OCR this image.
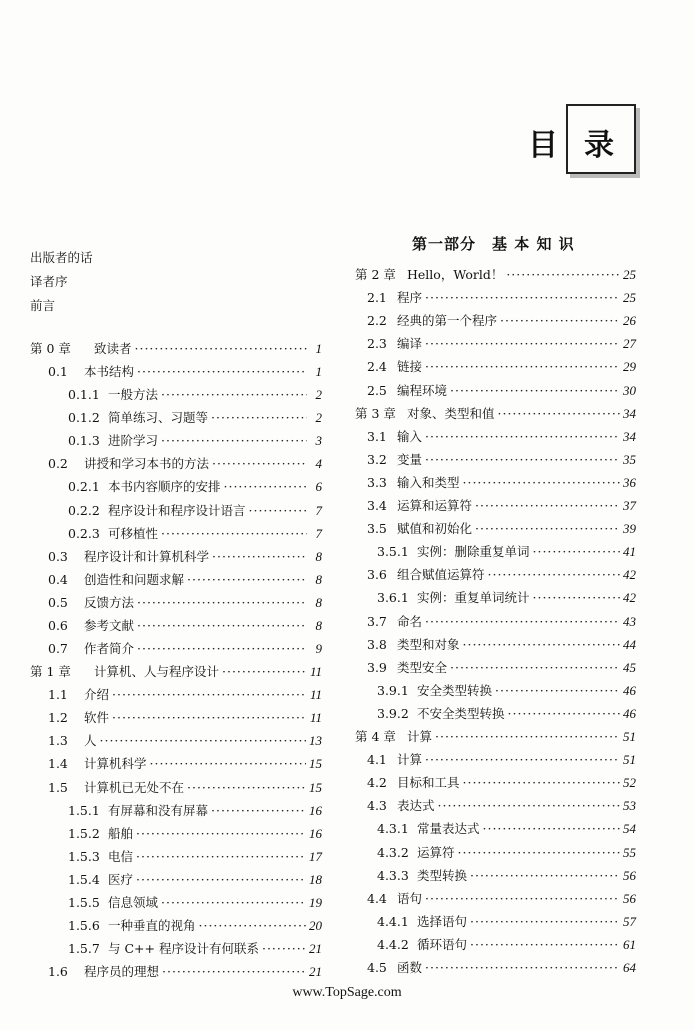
目 录
出版者的话
译者序
前言
第一部分　基 本 知 识
第 0 章 致读者 ·····	1
0.1 本书结构 ·····	1
0.1.1 一般方法 ·····	2
0.1.2 简单练习、习题等 ·····	2
0.1.3 进阶学习 ·····	3
0.2 讲授和学习本书的方法 ·····	4
0.2.1 本书内容顺序的安排 ·····	6
0.2.2 程序设计和程序设计语言 ·····	7
0.2.3 可移植性 ·····	7
0.3 程序设计和计算机科学 ·····	8
0.4 创造性和问题求解 ·····	8
0.5 反馈方法 ·····	8
0.6 参考文献 ·····	8
0.7 作者简介 ·····	9
第 1 章 计算机、人与程序设计 ·····	11
1.1 介绍 ·····	11
1.2 软件 ·····	11
1.3 人 ·····	13
1.4 计算机科学 ·····	15
1.5 计算机已无处不在 ·····	15
1.5.1 有屏幕和没有屏幕 ·····	16
1.5.2 船舶 ·····	16
1.5.3 电信 ·····	17
1.5.4 医疗 ·····	18
1.5.5 信息领域 ·····	19
1.5.6 一种垂直的视角 ·····	20
1.5.7 与 C++ 程序设计有何联系 ·····	21
1.6 程序员的理想 ·····	21
第 2 章 Hello，World！ ·····	25
2.1 程序 ·····	25
2.2 经典的第一个程序 ·····	26
2.3 编译 ·····	27
2.4 链接 ·····	29
2.5 编程环境 ·····	30
第 3 章 对象、类型和值 ·····	34
3.1 输入 ·····	34
3.2 变量 ·····	35
3.3 输入和类型 ·····	36
3.4 运算和运算符 ·····	37
3.5 赋值和初始化 ·····	39
3.5.1 实例：删除重复单词 ·····	41
3.6 组合赋值运算符 ·····	42
3.6.1 实例：重复单词统计 ·····	42
3.7 命名 ·····	43
3.8 类型和对象 ·····	44
3.9 类型安全 ·····	45
3.9.1 安全类型转换 ·····	46
3.9.2 不安全类型转换 ·····	46
第 4 章 计算 ·····	51
4.1 计算 ·····	51
4.2 目标和工具 ·····	52
4.3 表达式 ·····	53
4.3.1 常量表达式 ·····	54
4.3.2 运算符 ·····	55
4.3.3 类型转换 ·····	56
4.4 语句 ·····	56
4.4.1 选择语句 ·····	57
4.4.2 循环语句 ·····	61
4.5 函数 ·····	64
www.TopSage.com
